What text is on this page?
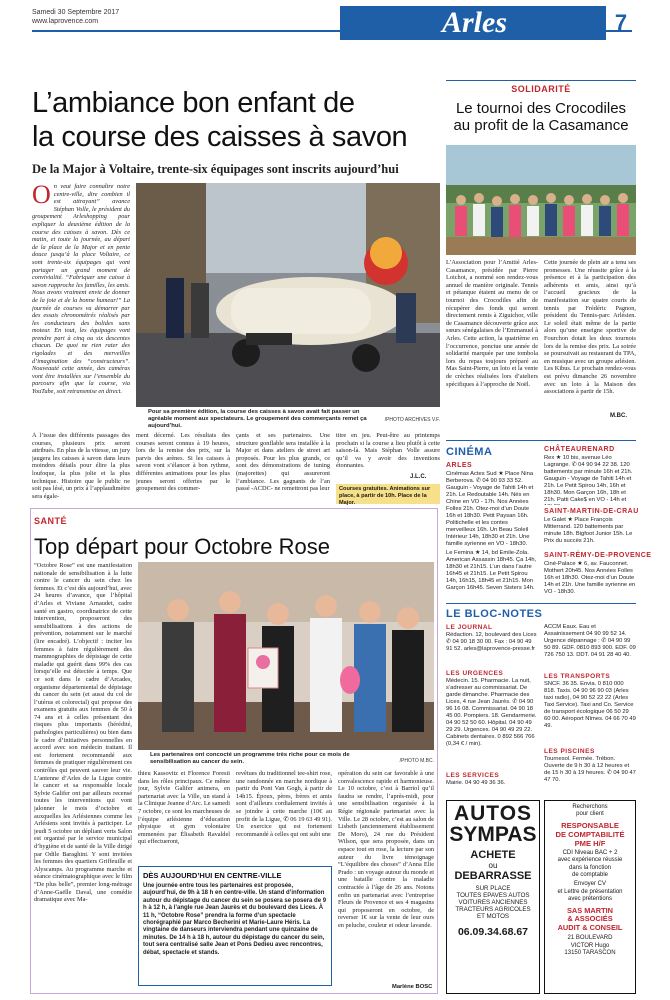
Samedi 30 Septembre 2017
www.laprovence.com	Arles	7
L’ambiance bon enfant de
la course des caisses à savon
De la Major à Voltaire, trente-six équipages sont inscrits aujourd’hui
O n veut faire connaître notre centre-ville, dire combien il est attrayant” avance Stéphan Volle, le président du groupement Arleshopping pour expliquer la deuxième édition de la course des caisses à savon. Dès ce matin, et toute la journée, au départ de la place de la Major et en pente douce jusqu’à la place Voltaire, ce sont trente-six équipages qui vont partager un grand moment de convivialité. “Fabriquer une caisse à savon rapproche les familles, les amis. Nous avons vraiment envie de donner de la joie et de la bonne humeur!” La journée de courses va démarrer par des essais chronométrés réalisés par les conducteurs des bolides sans moteur. En tout, les équipages vont prendre part à cinq ou six descentes chacun. De quoi ne rien rater des rigolades et des merveilles d’imagination des “constructeurs”. Nouveauté cette année, des caméras vont être installées sur l’ensemble du parcours afin que la course, via YouTube, soit retransmise en direct.
Pour sa première édition, la course des caisses à savon avait fait passer un agréable moment aux spectateurs. Le groupement des commerçants remet ça aujourd’hui.
/PHOTO ARCHIVES V.F.
À l’issue des différents passages des courses, plusieurs prix seront attribués. En plus de la vitesse, un jury jaugera les caisses à savon dans leurs moindres détails pour élire la plus loufoque, la plus jolie et la plus technique. Histoire que le public ne soit pas lésé, un prix à l’applaudimètre sera égale-
ment décerné. Les résultats des courses seront connus à 19 heures, lors de la remise des prix, sur la parvis des arènes. Si les caisses à savon vont s’élancer à bon rythme, différentes animations pour les plus jeunes seront offertes par le groupement des commer-
çants et ses partenaires. Une structure gonflable sera installée à la Major et dans ateliers de street art proposés. Pour les plus grands, ce sont des démonstrations de tuning (majorettes) qui assureront l’ambiance. Les gagnants de l’an passé -ACDC- ne remettront pas leur
titre en jeu. Peut-être au printemps prochain si la course a lieu plutôt à cette saison-là. Mais Stéphan Volle assure qu’il va y avoir des inventions étonnantes.
J.L.C.
Courses gratuites. Animations sur place, à partir de 10h. Place de la Major.
SOLIDARITÉ
Le tournoi des Crocodiles au profit de la Casamance
L’Association pour l’Amitié Arles-Casamance, présidée par Pierre Loichot, a nommé son rendez-vous annuel de manière originale. Tennis et pétanque étaient au menu de ce tournoi des Crocodiles afin de récupérer des fonds qui seront directement remis à Ziguichor, ville de Casamance découverte grâce aux sœurs sénégalaises de l’Emmanuel à Arles. Cette action, la quatrième en l’occurrence, ponctue une année de solidarité marquée par une tombola lors du repas toujours préparé au Mas Saint-Pierre, un loto et la vente de crèches réalisées lors d’ateliers spécifiques à l’approche de Noël.
Cette journée de plein air a tenu ses promesses. Une réussite grâce à la présence et à la participation des adhérents et amis, ainsi qu’à l’accueil gracieux de la manifestation sur quatre courts de tennis par Frédéric Pagnon, président du Tennis-parc Arlésien. Le soleil était même de la partie alors qu’une enseigne sportive de Fourchon dotait les deux tournois lors de la remise des prix. La soirée se poursuivait au restaurant du TPA, en musique avec un groupe arlésien. Les Kibus. Le prochain rendez-vous est prévu dimanche 26 novembre avec un loto à la Maison des associations à partir de 15h.
M.BC.
SANTÉ
Top départ pour Octobre Rose
“Octobre Rose” est une manifestation nationale de sensibilisation à la lutte contre le cancer du sein chez les femmes. Et c’est dès aujourd’hui, avec 24 heures d’avance, que l’hôpital d’Arles et Viviane Arnaudet, cadre santé en gastro, coordinatrice de cette intervention, proposeront des sensibilisations à des actions de prévention, notamment sur le marché (lire encadré). L’objectif : inciter les femmes à faire régulièrement des mammographies de dépistage de cette maladie qui guérit dans 99% des cas lorsqu’elle est détectée à temps. Que ce soit dans le cadre d’Arcades, organisme départemental de dépistage du cancer du sein (et aussi du col de l’utérus et colorectal) qui propose des examens gratuits aux femmes de 50 à 74 ans et à celles présentant des risques plus importants (hérédité, pathologies particulières) ou bien dans le cadre d’initiatives personnelles en accord avec son médecin traitant. Il est fortement recommandé aux femmes de pratiquer régulièrement ces contrôles qui peuvent sauver leur vie. L’antenne d’Arles de la Ligue contre le cancer et sa responsable locale Sylvie Galifer ont par ailleurs recensé toutes les interventions qui vont jalonner le mois d’octobre et auxquelles les Arlésiennes comme les Arlésiens sont invités à participer. Le jeudi 5 octobre un dépliant verts Salon est organisé par le service municipal d’hygiène et de santé de la Ville dirigé par Odile Baraghini. Y sont invitées les femmes des quartiers Griffeuille et Alyscamps. Au programme marche et séance cinématographique avec le film “De plus belle”, premier long-métrage d’Anne-Gaëlle Daval, une comédie dramatique avec Ma-
Les partenaires ont concocté un programme très riche pour ce mois de sensibilisation au cancer du sein.	/PHOTO M.BC.
thieu Kassovitz et Florence Foresti dans les rôles principaux. Ce même jour, Sylvie Galifer animera, en partenariat avec la Ville, un stand à la Clinique Jeanne d’Arc. Le samedi 7 octobre, ce sont les marcheuses de l’équipe arlésienne d’éducation physique et gym volontaire emmenées par Élisabeth Ravaldel qui effectueront,
revêtues du traditionnel tee-shirt rose, une randonnée en marche nordique à partir du Pont Van Gogh, à partir de 14h15. Époux, pères, frères et amis sont d’ailleurs cordialement invités à se joindre à cette marche (10€ au profit de la Ligue, ✆ 06 19 63 49 91). Un exercice qui est fortement recommandé à celles qui ont subi une
opération du sein car favorable à une convalescence rapide et harmonieuse. Le 10 octobre, c’est à Barriol qu’il faudra se rendre, l’après-midi, pour une sensibilisation organisée à la Régie régionale partenariat avec la Ville. Le 28 octobre, c’est au salon de Lisbeth (anciennement établissement De Moro), 24 rue du Président Wilson, que sera proposée, dans un espace tout en rose, la lecture par son auteur du livre témoignage “L’équilibre des choses” d’Anna Elie Prado : un voyage autour du monde et une bataille contre la maladie contractée à l’âge de 26 ans. Notons enfin un partenariat avec l’entreprise Fleurs de Provence et ses 4 magasins qui proposeront en octobre, de reverser 1€ sur la vente de leur ours en peluche, couleur et odeur lavande.
Marlène BOSC
DÈS AUJOURD’HUI EN CENTRE-VILLE
Une journée entre tous les partenaires est proposée, aujourd’hui, de 9h à 18 h en centre-ville. Un stand d’information autour du dépistage du cancer du sein se posera se posera de 9 h à 12 h, à l’angle rue Jean Jaurès et du boulevard des Lices. À 11 h, “Octobre Rose” prendra la forme d’un spectacle chorégraphié par Marco Becherini et Marie-Laure Héris. La vingtaine de danseurs interviendra pendant une quinzaine de minutes. De 14 h à 18 h, autour du dépistage du cancer du sein, tout sera centralisé salle Jean et Pons Dedieu avec rencontres, débat, spectacle et stands.
CINÉMA
ARLES
Cinémas Actes Sud ★ Place Nina Berberova. ✆ 04 90 93 33 52. Gauguin - Voyage de Tahiti 14h et 21h. Le Redoutable 14h. Nés en Chine en VO - 17h. Nos Années Folles 21h. Otez-moi d’un Doute 16h et 18h30. Petit Paysan 16h. Politichelle et les contes merveilleux 16h. Un Beau Soleil Intérieur 14h, 18h30 et 21h. Une famille syrienne en VO - 18h30.
Le Femina ★ 14, bd Émile-Zola. American Assassin 18h45. Ça 14h, 18h30 et 21h15. L’un dans l’autre 16h45 et 21h15. Le Petit Spirou 14h, 16h15, 18h45 et 21h15. Mon Garçon 16h45. Seven Sisters 14h.
CHÂTEAURENARD
Rex ★ 10 bis, avenue Léo Lagrange. ✆ 04 90 94 22 38. 120 battements par minute 16h et 21h. Gauguin - Voyage de Tahiti 14h et 21h. Le Petit Spirou 14h, 16h et 18h30. Mon Garçon 16h, 18h et 21h. Patti Cake$ en VO - 14h et
SAINT-MARTIN-DE-CRAU
Le Galet ★ Place François Mitterrand. 120 battements par minute 18h. Bigfoot Junior 15h. Le Prix du succès 21h.
SAINT-RÉMY-DE-PROVENCE
Ciné-Palace ★ 6, av. Fauconnet. Mothert 20h45. Nos Années Folles 16h et 18h30. Otez-moi d’un Doute 14h et 21h. Une famille syrienne en VO - 18h30.
LE BLOC-NOTES
LE JOURNAL
Rédaction. 12, boulevard des Lices ✆ 04 90 18 30 00. Fax : 04 90 49 91 52. arles@laprovence-presse.fr
LES URGENCES
Médecin. 15. Pharmacie. La nuit, s’adresser au commissariat. De garde dimanche. Pharmacie des Lices, 4 rue Jean Jaurès. ✆ 04 90 96 16 08. Commissariat. 04 90 18 45 00. Pompiers. 18. Gendarmerie. 04 90 52 50 60. Hôpital. 04 90 49 29 29. Urgences. 04 90 49 29 22. Cabinets dentaires. 0 892 566 766 (0,34 € / min).
LES SERVICES
Mairie. 04 90 49 36 36.
ACCM Eaux. Eau et Assainissement 04 90 99 52 14. Urgence dépannage : ✆ 04 90 99 50 89. GDF. 0810 893 900. EDF. 09 726 750 13. DDT. 04 91 28 40 40.
LES TRANSPORTS
SNCF. 36 35. Envia. 0 810 000 818. Taxis. 04 90 96 90 03 (Arles taxi radio), 04 90 52 22 22 (Arles Taxi Service). Taxi and Co. Service de transport écologique 06 50 29 60 00. Aéroport Nîmes. 04 66 70 49 49.
LES PISCINES
Tournesol. Fermée. Trébon. Ouverte de 9 h 30 à 12 heures et de 15 h 30 à 19 heures. ✆ 04 90 47 47 70.
AUTOS
SYMPAS
ACHETE
ou
DEBARRASSE
SUR PLACE
TOUTES EPAVES AUTOS
VOITURES ANCIENNES
TRACTEURS AGRICOLES
ET MOTOS
06.09.34.68.67
Recherchons
pour client
RESPONSABLE
DE COMPTABILITÉ
PME H/F
CDI Niveau BAC + 2
avec expérience réussie
dans la fonction
de comptable
Envoyer CV
et Lettre de présentation
avec prétentions
SAS MARTIN
& ASSOCIÉS
AUDIT & CONSEIL
21 BOULEVARD
VICTOR Hugo
13150 TARASCON
